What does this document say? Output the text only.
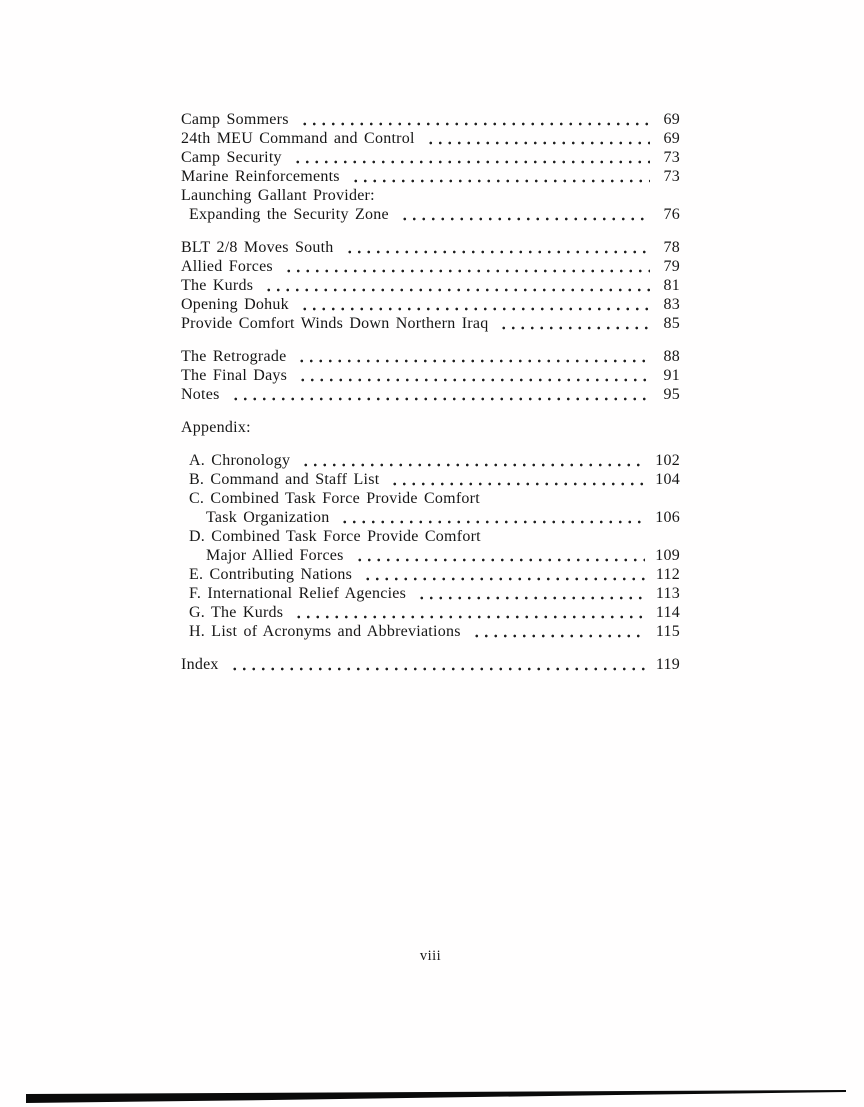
Camp Sommers	69
24th MEU Command and Control	69
Camp Security	73
Marine Reinforcements	73
Launching Gallant Provider:
Expanding the Security Zone	76
BLT 2/8 Moves South	78
Allied Forces	79
The Kurds	81
Opening Dohuk	83
Provide Comfort Winds Down Northern Iraq	85
The Retrograde	88
The Final Days	91
Notes	95
Appendix:
A. Chronology	102
B. Command and Staff List	104
C. Combined Task Force Provide Comfort
Task Organization	106
D. Combined Task Force Provide Comfort
Major Allied Forces	109
E. Contributing Nations	112
F. International Relief Agencies	113
G. The Kurds	114
H. List of Acronyms and Abbreviations	115
Index	119
viii
